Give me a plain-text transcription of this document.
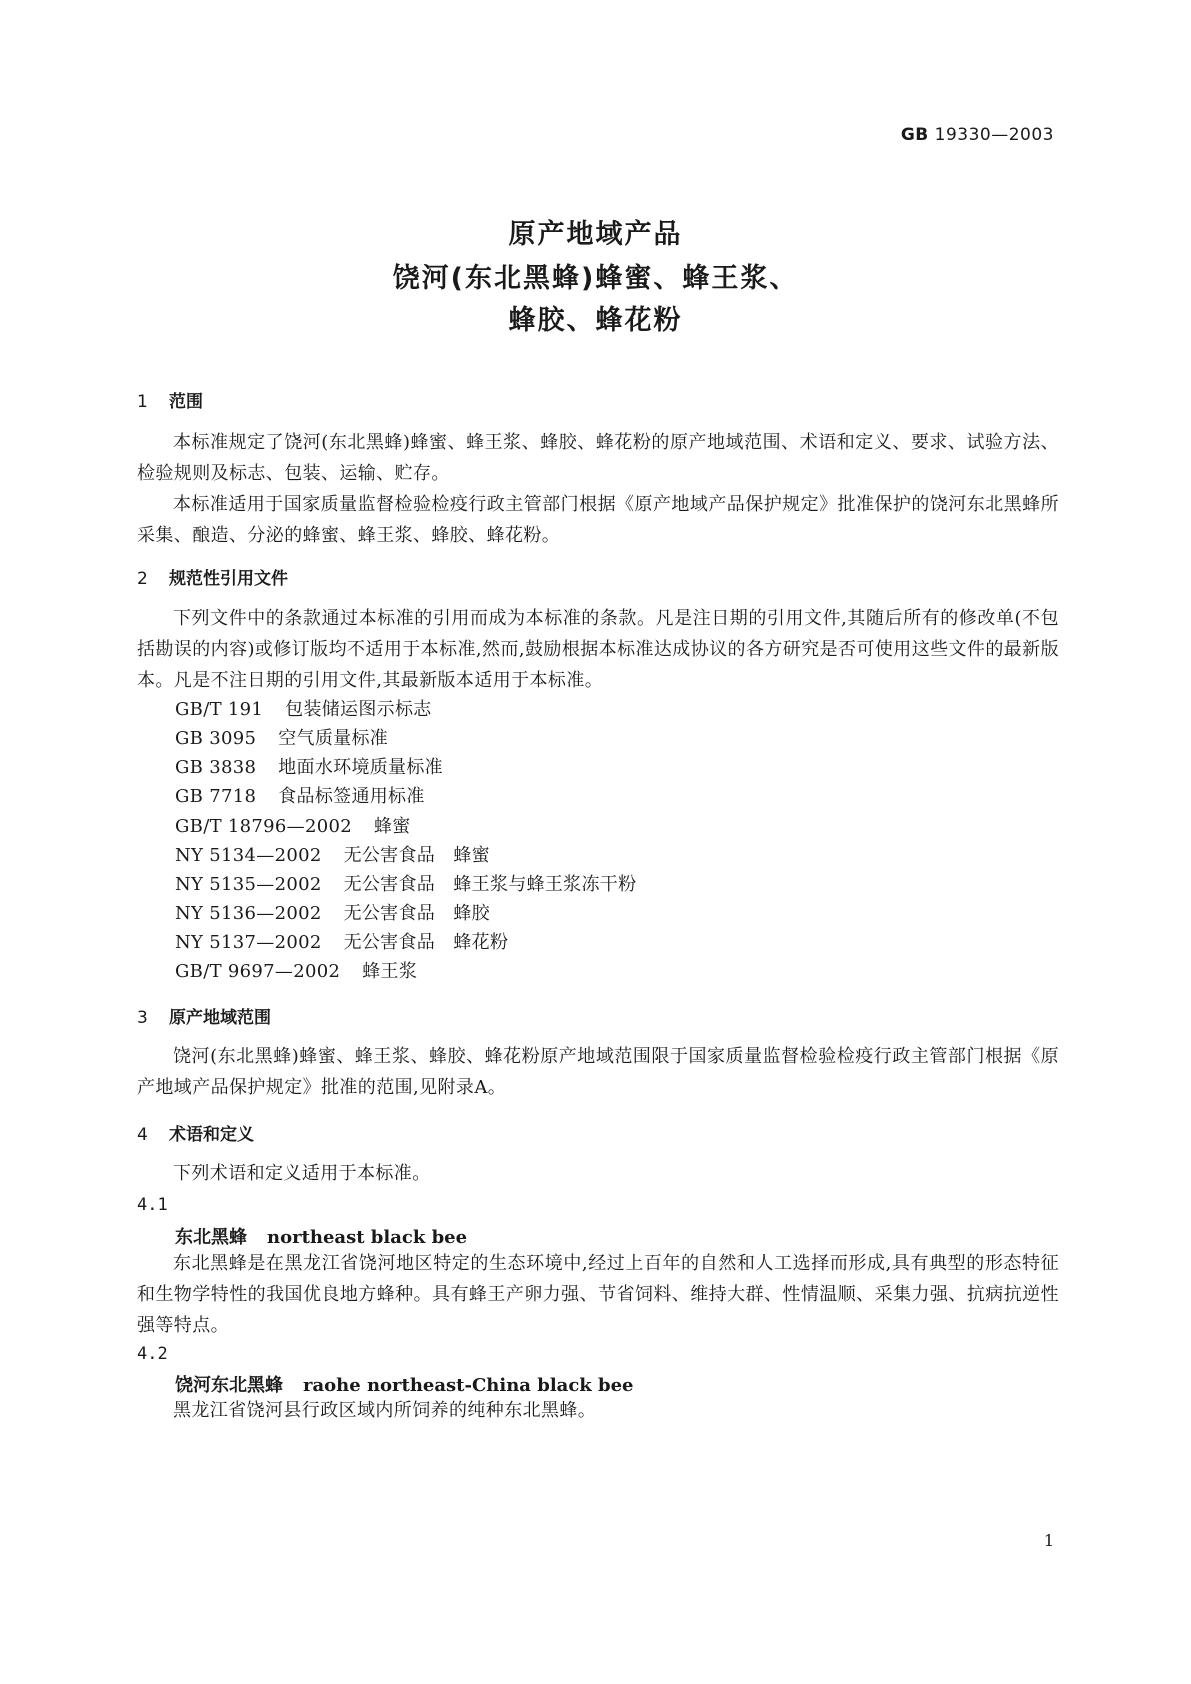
GB 19330—2003
原产地域产品
饶河(东北黑蜂)蜂蜜、蜂王浆、
蜂胶、蜂花粉
1 范围

本标准规定了饶河(东北黑蜂)蜂蜜、蜂王浆、蜂胶、蜂花粉的原产地域范围、术语和定义、要求、试验方法、检验规则及标志、包装、运输、贮存。

本标准适用于国家质量监督检验检疫行政主管部门根据《原产地域产品保护规定》批准保护的饶河东北黑蜂所采集、酿造、分泌的蜂蜜、蜂王浆、蜂胶、蜂花粉。

2 规范性引用文件

下列文件中的条款通过本标准的引用而成为本标准的条款。凡是注日期的引用文件,其随后所有的修改单(不包括勘误的内容)或修订版均不适用于本标准,然而,鼓励根据本标准达成协议的各方研究是否可使用这些文件的最新版本。凡是不注日期的引用文件,其最新版本适用于本标准。

GB/T 191 包装储运图示标志
GB 3095 空气质量标准
GB 3838 地面水环境质量标准
GB 7718 食品标签通用标准
GB/T 18796—2002 蜂蜜
NY 5134—2002 无公害食品　蜂蜜
NY 5135—2002 无公害食品　蜂王浆与蜂王浆冻干粉
NY 5136—2002 无公害食品　蜂胶
NY 5137—2002 无公害食品　蜂花粉
GB/T 9697—2002 蜂王浆
3 原产地域范围

饶河(东北黑蜂)蜂蜜、蜂王浆、蜂胶、蜂花粉原产地域范围限于国家质量监督检验检疫行政主管部门根据《原产地域产品保护规定》批准的范围,见附录A。

4 术语和定义

下列术语和定义适用于本标准。

4.1
东北黑蜂 northeast black bee

东北黑蜂是在黑龙江省饶河地区特定的生态环境中,经过上百年的自然和人工选择而形成,具有典型的形态特征和生物学特性的我国优良地方蜂种。具有蜂王产卵力强、节省饲料、维持大群、性情温顺、采集力强、抗病抗逆性强等特点。

4.2
饶河东北黑蜂 raohe northeast-China black bee

黑龙江省饶河县行政区域内所饲养的纯种东北黑蜂。

1
